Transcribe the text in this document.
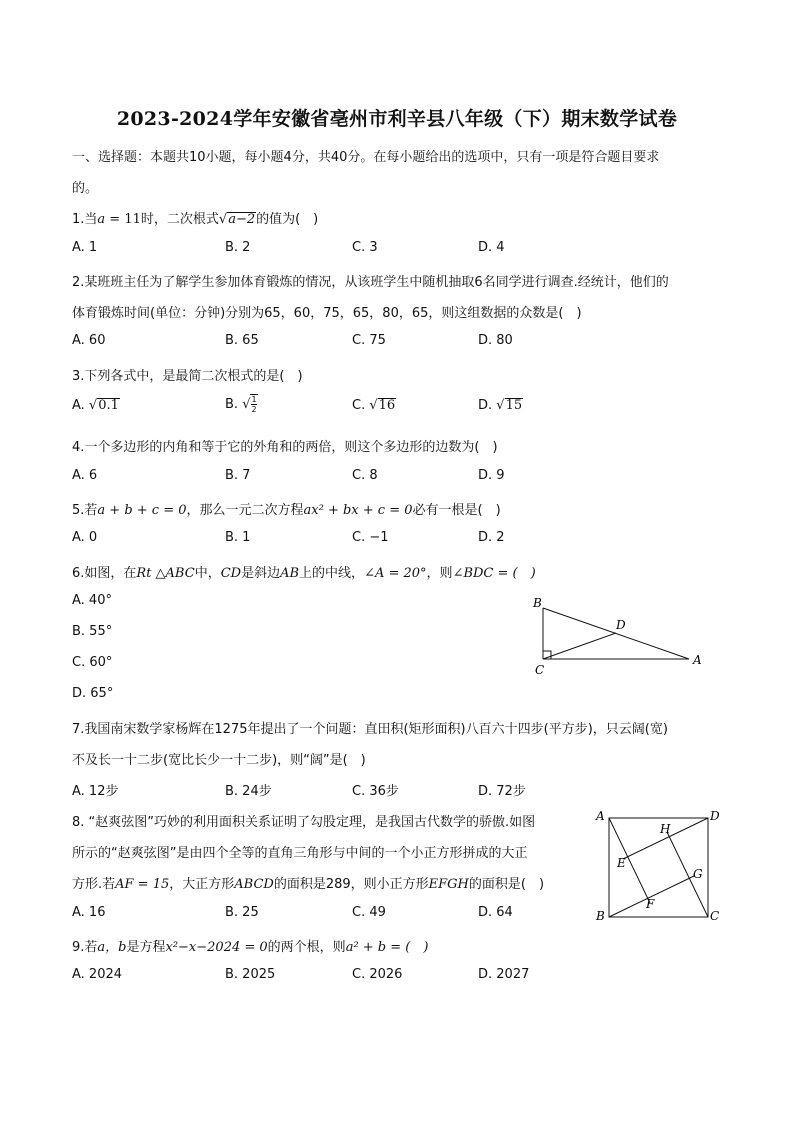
2023-2024学年安徽省亳州市利辛县八年级（下）期末数学试卷
一、选择题：本题共10小题，每小题4分，共40分。在每小题给出的选项中，只有一项是符合题目要求
的。
1.当a = 11时，二次根式√a−2的值为(　)
A. 1	B. 2	C. 3	D. 4
2.某班班主任为了解学生参加体育锻炼的情况，从该班学生中随机抽取6名同学进行调查.经统计，他们的
体育锻炼时间(单位：分钟)分别为65，60，75，65，80，65，则这组数据的众数是(　)
A. 60	B. 65	C. 75	D. 80
3.下列各式中，是最简二次根式的是(　)
A. √0.1	B. √ $\frac{1}{2}$	C. √16	D. √15
4.一个多边形的内角和等于它的外角和的两倍，则这个多边形的边数为(　)
A. 6	B. 7	C. 8	D. 9
5.若a + b + c = 0，那么一元二次方程ax² + bx + c = 0必有一根是(　)
A. 0	B. 1	C. −1	D. 2
6.如图，在Rt △ABC中，CD是斜边AB上的中线，∠A = 20°，则∠BDC = (　)
A. 40°
B. 55°
C. 60°
D. 65°
B
D
C
A
7.我国南宋数学家杨辉在1275年提出了一个问题：直田积(矩形面积)八百六十四步(平方步)，只云阔(宽)
不及长一十二步(宽比长少一十二步)，则“阔”是(　)
A. 12步	B. 24步	C. 36步	D. 72步
8. “赵爽弦图”巧妙的利用面积关系证明了勾股定理，是我国古代数学的骄傲.如图
所示的“赵爽弦图”是由四个全等的直角三角形与中间的一个小正方形拼成的大正
方形.若AF = 15，大正方形ABCD的面积是289，则小正方形EFGH的面积是(　)
A. 16	B. 25	C. 49	D. 64
A	D
H
E
G
F
B	C
9.若a，b是方程x²−x−2024 = 0的两个根，则a² + b = (　)
A. 2024	B. 2025	C. 2026	D. 2027
